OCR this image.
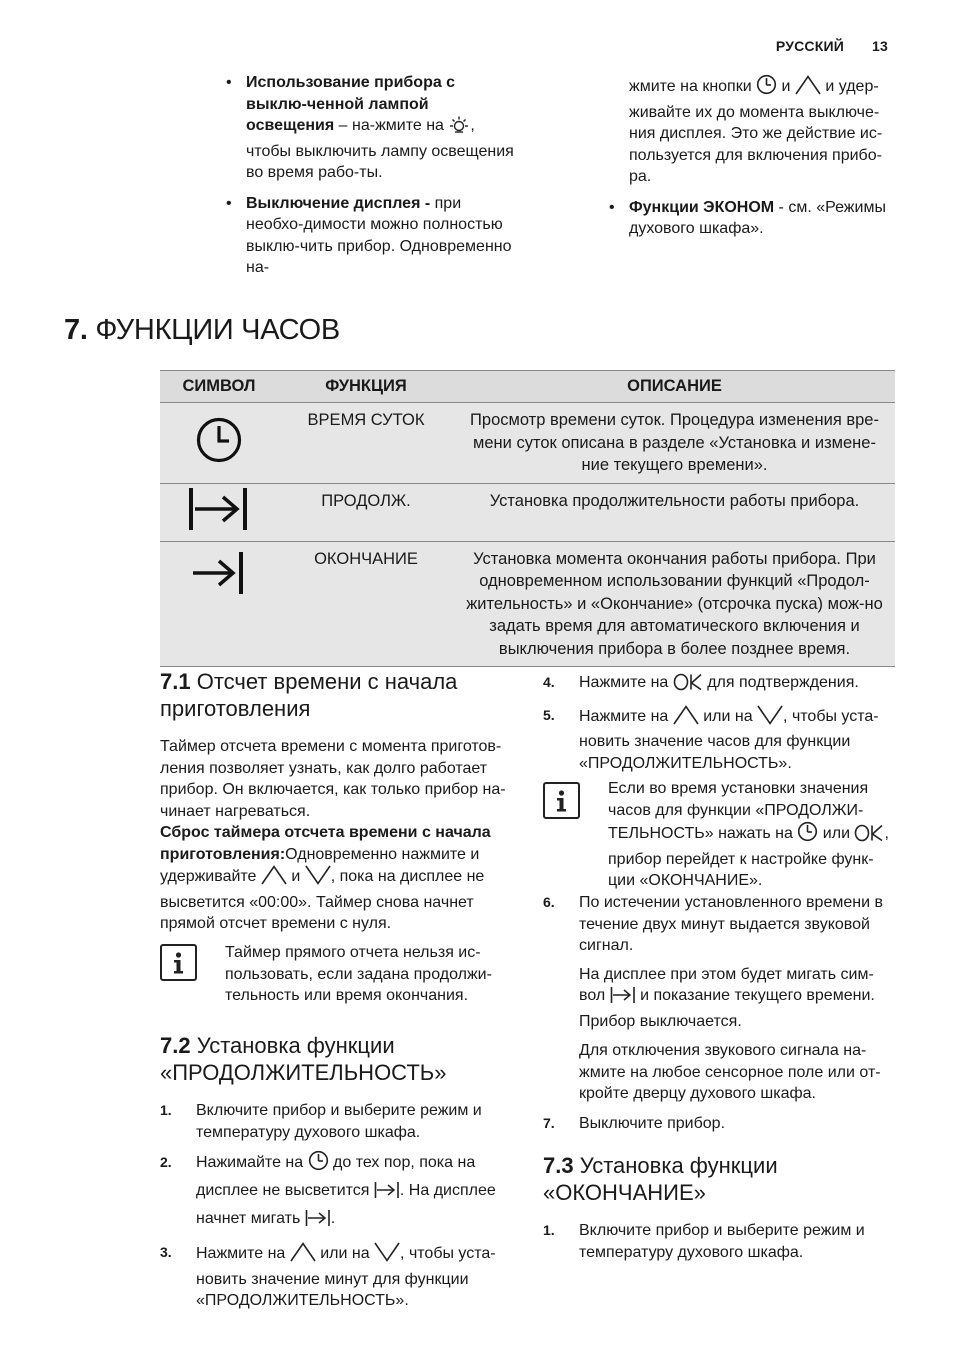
РУССКИЙ 13
• Использование прибора с выклю-ченной лампой освещения – на-жмите на , чтобы выключить лампу освещения во время рабо-ты.
• Выключение дисплея - при необхо-димости можно полностью выклю-чить прибор. Одновременно на-
жмите на кнопки  и  и удер-живайте их до момента выключе-ния дисплея. Это же действие ис-пользуется для включения прибо-ра.
• Функции ЭКОНОМ - см. «Режимы духового шкафа».
7. ФУНКЦИИ ЧАСОВ
СИМВОЛ	ФУНКЦИЯ	ОПИСАНИЕ
	ВРЕМЯ СУТОК	Просмотр времени суток. Процедура изменения вре-мени суток описана в разделе «Установка и измене-ние текущего времени».
	ПРОДОЛЖ.	Установка продолжительности работы прибора.
	ОКОНЧАНИЕ	Установка момента окончания работы прибора. При одновременном использовании функций «Продол-жительность» и «Окончание» (отсрочка пуска) мож-но задать время для автоматического включения и выключения прибора в более позднее время.
7.1 Отсчет времени с начала приготовления
Таймер отсчета времени с момента приготов-ления позволяет узнать, как долго работает прибор. Он включается, как только прибор на-чинает нагреваться.
Сброс таймера отсчета времени с начала приготовления:Одновременно нажмите и удерживайте  и , пока на дисплее не высветится «00:00». Таймер снова начнет прямой отсчет времени с нуля.
Таймер прямого отчета нельзя ис-пользовать, если задана продолжи-тельность или время окончания.
7.2 Установка функции «ПРОДОЛЖИТЕЛЬНОСТЬ»
1. Включите прибор и выберите режим и температуру духового шкафа.
2. Нажимайте на  до тех пор, пока на дисплее не высветится . На дисплее начнет мигать .
3. Нажмите на  или на , чтобы уста-новить значение минут для функции «ПРОДОЛЖИТЕЛЬНОСТЬ».
4. Нажмите на  для подтверждения.
5. Нажмите на  или на , чтобы уста-новить значение часов для функции «ПРОДОЛЖИТЕЛЬНОСТЬ».
Если во время установки значения часов для функции «ПРОДОЛЖИ-ТЕЛЬНОСТЬ» нажать на  или , прибор перейдет к настройке функ-ции «ОКОНЧАНИЕ».
6. По истечении установленного времени в течение двух минут выдается звуковой сигнал.
На дисплее при этом будет мигать сим-вол  и показание текущего времени. Прибор выключается.
Для отключения звукового сигнала на-жмите на любое сенсорное поле или от-кройте дверцу духового шкафа.
7. Выключите прибор.
7.3 Установка функции «ОКОНЧАНИЕ»
1. Включите прибор и выберите режим и температуру духового шкафа.
